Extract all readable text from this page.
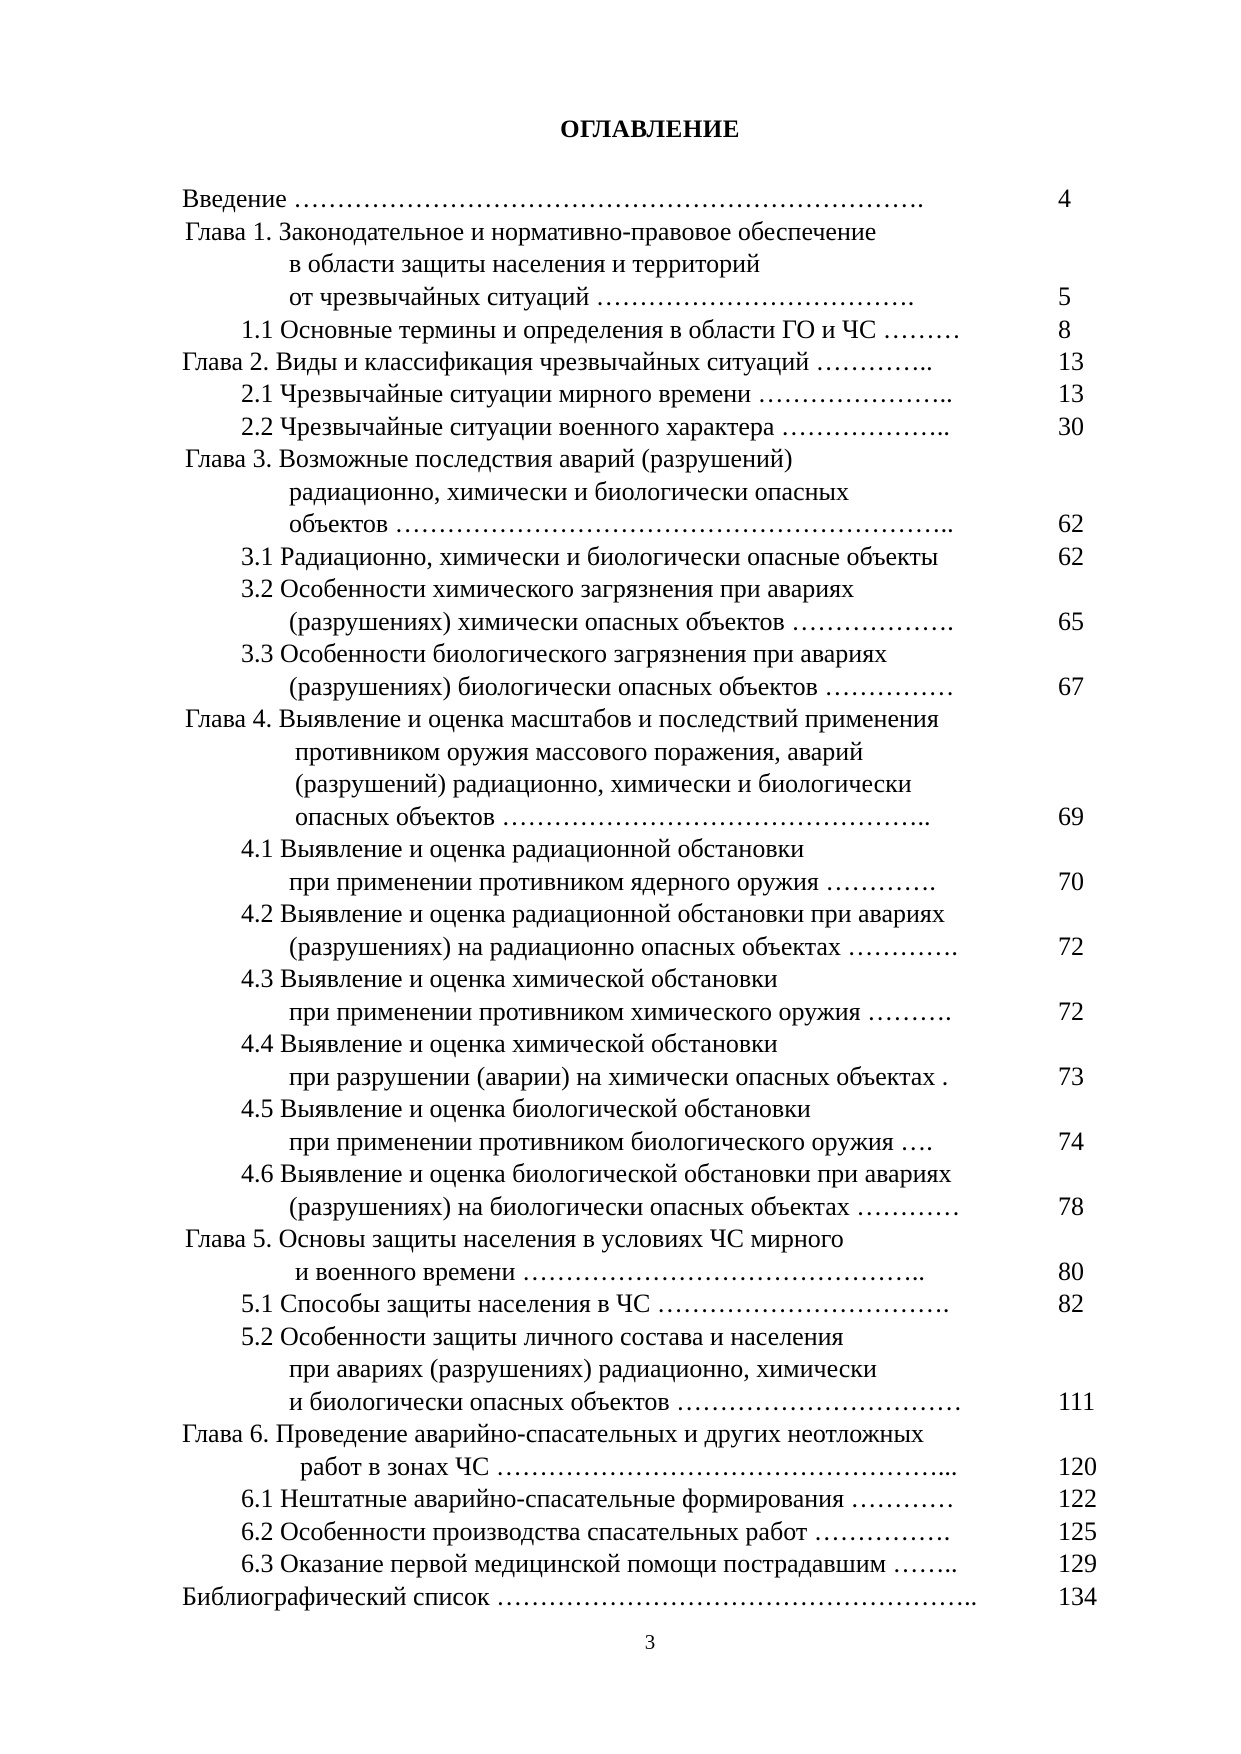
ОГЛАВЛЕНИЕ
Введение ……………………………………………………………….	4
Глава 1. Законодательное и нормативно-правовое обеспечение
в области защиты населения и территорий
от чрезвычайных ситуаций ……………………………….	5
1.1 Основные термины и определения в области ГО и ЧС ………	8
Глава 2. Виды и классификация чрезвычайных ситуаций …………..	13
2.1 Чрезвычайные ситуации мирного времени …………………..	13
2.2 Чрезвычайные ситуации военного характера ………………..	30
Глава 3. Возможные последствия аварий (разрушений)
радиационно, химически и биологически опасных
объектов ………………………………………………………..	62
3.1 Радиационно, химически и биологически опасные объекты	62
3.2 Особенности химического загрязнения при авариях
(разрушениях) химически опасных объектов ……………….	65
3.3 Особенности биологического загрязнения при авариях
(разрушениях) биологически опасных объектов ……………	67
Глава 4. Выявление и оценка масштабов и последствий применения
противником оружия массового поражения, аварий
(разрушений) радиационно, химически и биологически
опасных объектов …………………………………………..	69
4.1 Выявление и оценка радиационной обстановки
при применении противником ядерного оружия ………….	70
4.2 Выявление и оценка радиационной обстановки при авариях
(разрушениях) на радиационно опасных объектах ………….	72
4.3 Выявление и оценка химической обстановки
при применении противником химического оружия ……….	72
4.4 Выявление и оценка химической обстановки
при разрушении (аварии) на химически опасных объектах .	73
4.5 Выявление и оценка биологической обстановки
при применении противником биологического оружия ….	74
4.6 Выявление и оценка биологической обстановки при авариях
(разрушениях) на биологически опасных объектах …………	78
Глава 5. Основы защиты населения в условиях ЧС мирного
и военного времени ………………………………………..	80
5.1 Способы защиты населения в ЧС …………………………….	82
5.2 Особенности защиты личного состава и населения
при авариях (разрушениях) радиационно, химически
и биологически опасных объектов ……………………………	111
Глава 6. Проведение аварийно-спасательных и других неотложных
работ в зонах ЧС ……………………………………………...	120
6.1 Нештатные аварийно-спасательные формирования …………	122
6.2 Особенности производства спасательных работ …………….	125
6.3 Оказание первой медицинской помощи пострадавшим ……..	129
Библиографический список ………………………………………………..	134
3
